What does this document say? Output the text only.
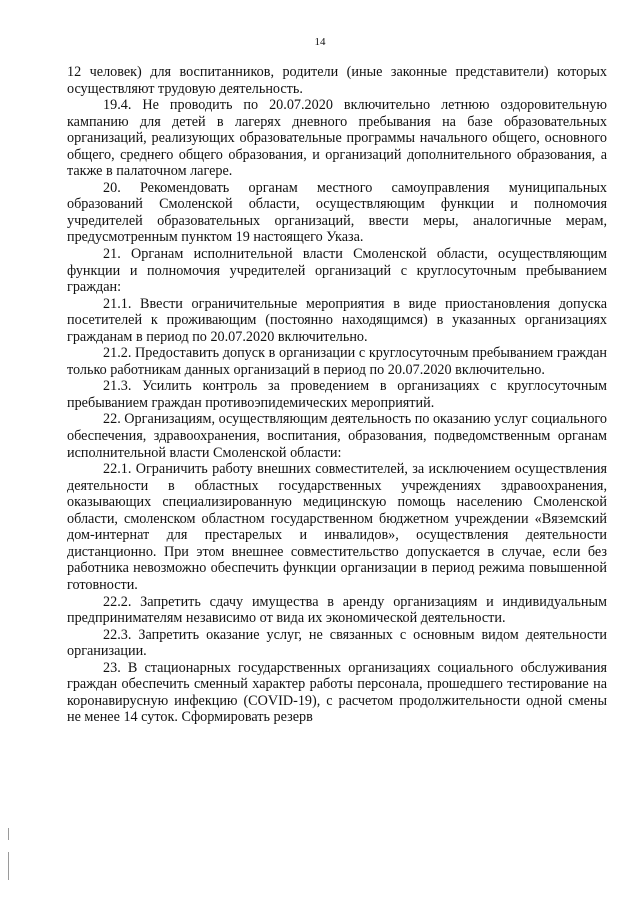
14

12 человек) для воспитанников, родители (иные законные представители) которых осуществляют трудовую деятельность.

19.4. Не проводить по 20.07.2020 включительно летнюю оздоровительную кампанию для детей в лагерях дневного пребывания на базе образовательных организаций, реализующих образовательные программы начального общего, основного общего, среднего общего образования, и организаций дополнительного образования, а также в палаточном лагере.

20. Рекомендовать органам местного самоуправления муниципальных образований Смоленской области, осуществляющим функции и полномочия учредителей образовательных организаций, ввести меры, аналогичные мерам, предусмотренным пунктом 19 настоящего Указа.

21. Органам исполнительной власти Смоленской области, осуществляющим функции и полномочия учредителей организаций с круглосуточным пребыванием граждан:

21.1. Ввести ограничительные мероприятия в виде приостановления допуска посетителей к проживающим (постоянно находящимся) в указанных организациях гражданам в период по 20.07.2020 включительно.

21.2. Предоставить допуск в организации с круглосуточным пребыванием граждан только работникам данных организаций в период по 20.07.2020 включительно.

21.3. Усилить контроль за проведением в организациях с круглосуточным пребыванием граждан противоэпидемических мероприятий.

22. Организациям, осуществляющим деятельность по оказанию услуг социального обеспечения, здравоохранения, воспитания, образования, подведомственным органам исполнительной власти Смоленской области:

22.1. Ограничить работу внешних совместителей, за исключением осуществления деятельности в областных государственных учреждениях здравоохранения, оказывающих специализированную медицинскую помощь населению Смоленской области, смоленском областном государственном бюджетном учреждении «Вяземский дом-интернат для престарелых и инвалидов», осуществления деятельности дистанционно. При этом внешнее совместительство допускается в случае, если без работника невозможно обеспечить функции организации в период режима повышенной готовности.

22.2. Запретить сдачу имущества в аренду организациям и индивидуальным предпринимателям независимо от вида их экономической деятельности.

22.3. Запретить оказание услуг, не связанных с основным видом деятельности организации.

23. В стационарных государственных организациях социального обслуживания граждан обеспечить сменный характер работы персонала, прошедшего тестирование на коронавирусную инфекцию (COVID-19), с расчетом продолжительности одной смены не менее 14 суток. Сформировать резерв
